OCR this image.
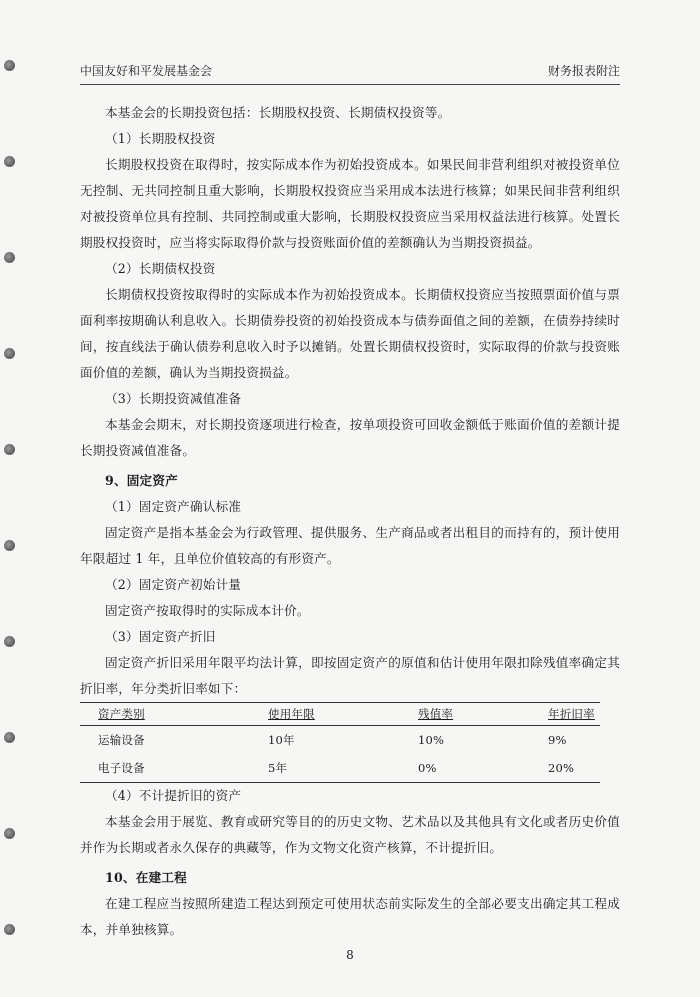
中国友好和平发展基金会	财务报表附注

本基金会的长期投资包括：长期股权投资、长期债权投资等。

（1）长期股权投资

长期股权投资在取得时，按实际成本作为初始投资成本。如果民间非营利组织对被投资单位无控制、无共同控制且重大影响，长期股权投资应当采用成本法进行核算；如果民间非营利组织对被投资单位具有控制、共同控制或重大影响，长期股权投资应当采用权益法进行核算。处置长期股权投资时，应当将实际取得价款与投资账面价值的差额确认为当期投资损益。

（2）长期债权投资

长期债权投资按取得时的实际成本作为初始投资成本。长期债权投资应当按照票面价值与票面利率按期确认利息收入。长期债券投资的初始投资成本与债券面值之间的差额，在债券持续时间，按直线法于确认债券利息收入时予以摊销。处置长期债权投资时，实际取得的价款与投资账面价值的差额，确认为当期投资损益。

（3）长期投资减值准备

本基金会期末，对长期投资逐项进行检查，按单项投资可回收金额低于账面价值的差额计提长期投资减值准备。

9、固定资产

（1）固定资产确认标准

固定资产是指本基金会为行政管理、提供服务、生产商品或者出租目的而持有的，预计使用年限超过 1 年，且单位价值较高的有形资产。

（2）固定资产初始计量

固定资产按取得时的实际成本计价。

（3）固定资产折旧

固定资产折旧采用年限平均法计算，即按固定资产的原值和估计使用年限扣除残值率确定其折旧率，年分类折旧率如下：

资产类别	使用年限	残值率	年折旧率
运输设备	10年	10%	9%
电子设备	5年	0%	20%

（4）不计提折旧的资产

本基金会用于展览、教育或研究等目的的历史文物、艺术品以及其他具有文化或者历史价值并作为长期或者永久保存的典藏等，作为文物文化资产核算，不计提折旧。

10、在建工程

在建工程应当按照所建造工程达到预定可使用状态前实际发生的全部必要支出确定其工程成本，并单独核算。

8
